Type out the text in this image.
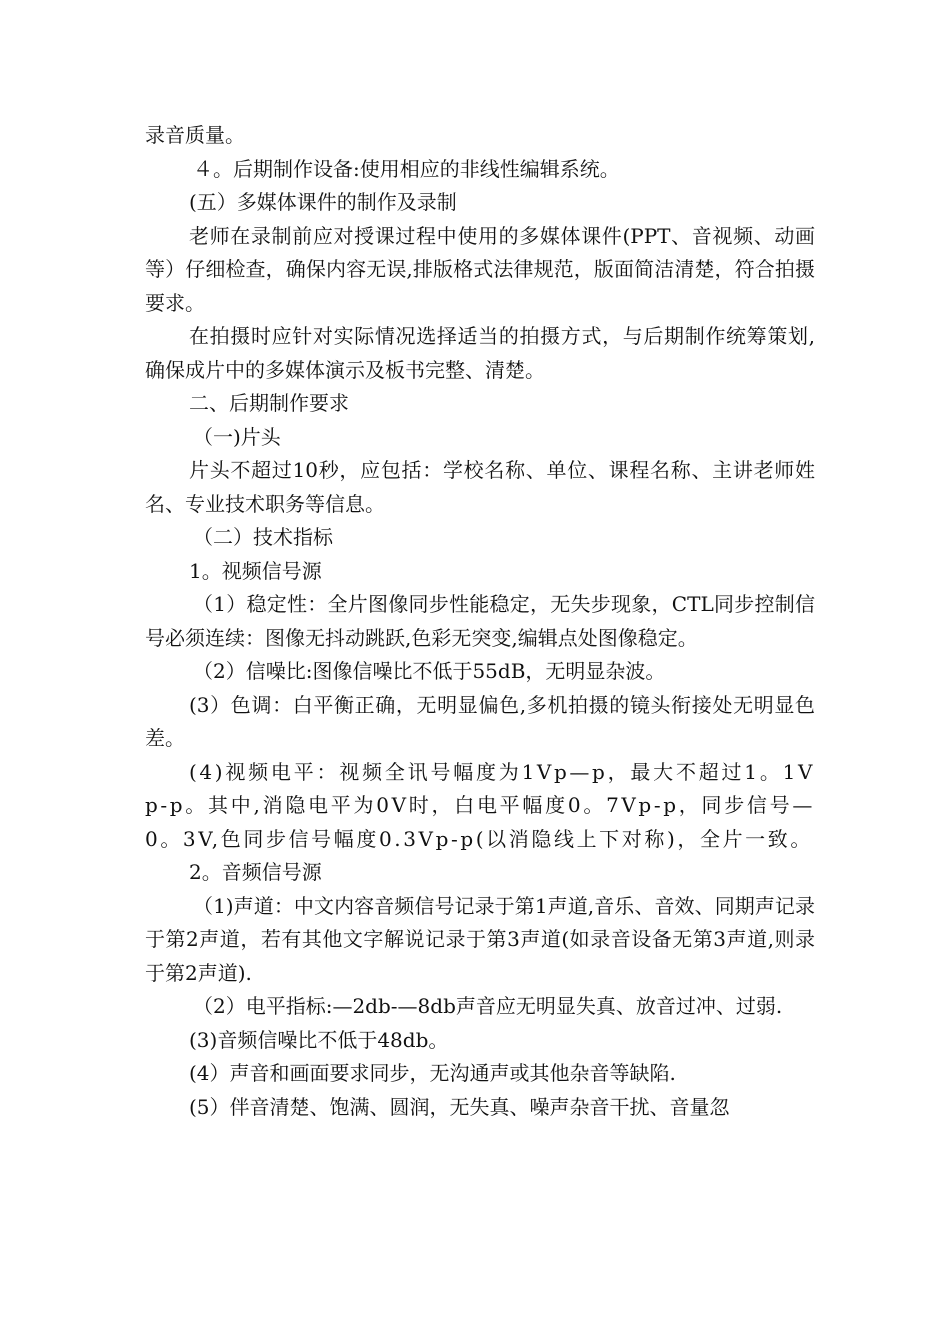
录音质量。

４。后期制作设备:使用相应的非线性编辑系统。

(五）多媒体课件的制作及录制

老师在录制前应对授课过程中使用的多媒体课件(PPT、音视频、动画等）仔细检查，确保内容无误,排版格式法律规范，版面简洁清楚，符合拍摄要求。

在拍摄时应针对实际情况选择适当的拍摄方式，与后期制作统筹策划,确保成片中的多媒体演示及板书完整、清楚。

二、后期制作要求

（一)片头

片头不超过10秒，应包括：学校名称、单位、课程名称、主讲老师姓名、专业技术职务等信息。

（二）技术指标

1。视频信号源

（1）稳定性：全片图像同步性能稳定，无失步现象，CTL同步控制信号必须连续：图像无抖动跳跃,色彩无突变,编辑点处图像稳定。

（2）信噪比:图像信噪比不低于55dB，无明显杂波。

(3）色调：白平衡正确，无明显偏色,多机拍摄的镜头衔接处无明显色差。

(4)视频电平：视频全讯号幅度为1Vp—p，最大不超过1。1Vp-p。其中,消隐电平为0V时，白电平幅度0。7Vp-p，同步信号—0。3V,色同步信号幅度0.3Vp-p(以消隐线上下对称)，全片一致。

2。音频信号源

（1)声道：中文内容音频信号记录于第1声道,音乐、音效、同期声记录于第2声道，若有其他文字解说记录于第3声道(如录音设备无第3声道,则录于第2声道).

（2）电平指标:—2db-—8db声音应无明显失真、放音过冲、过弱.

(3)音频信噪比不低于48db。

(4）声音和画面要求同步，无沟通声或其他杂音等缺陷.

(5）伴音清楚、饱满、圆润，无失真、噪声杂音干扰、音量忽
